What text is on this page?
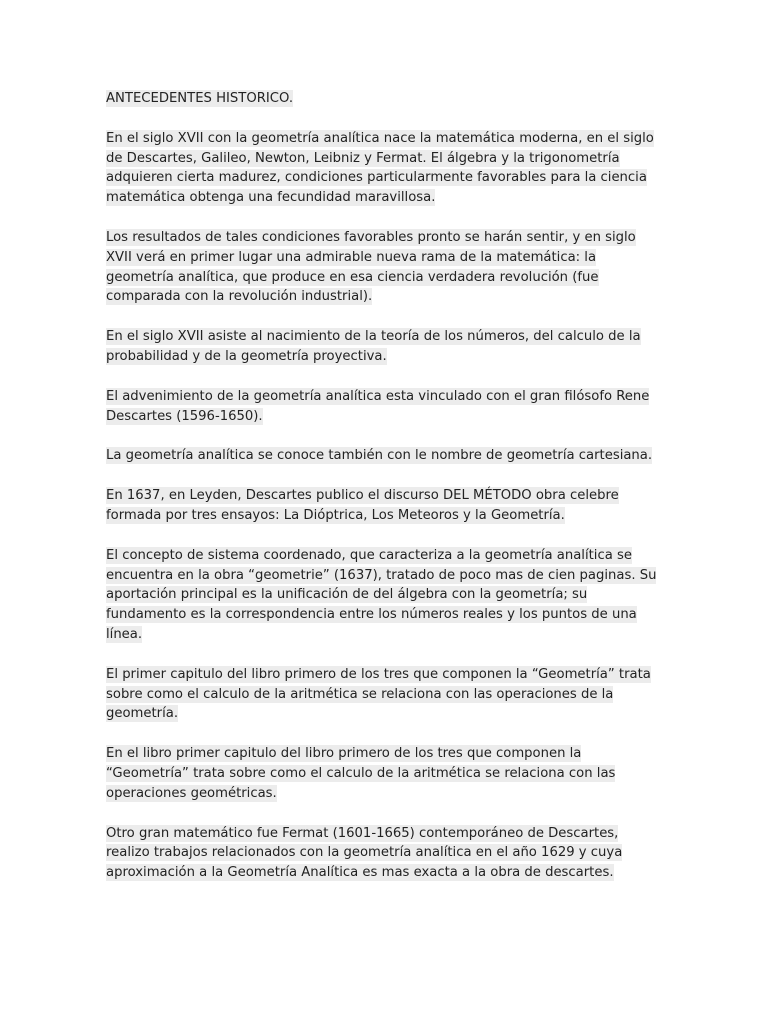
ANTECEDENTES HISTORICO.

En el siglo XVII con la geometría analítica nace la matemática moderna, en el siglo de Descartes, Galileo, Newton, Leibniz y Fermat. El álgebra y la trigonometría adquieren cierta madurez, condiciones particularmente favorables para la ciencia matemática obtenga una fecundidad maravillosa.

Los resultados de tales condiciones favorables pronto se harán sentir, y en siglo XVII verá en primer lugar una admirable nueva rama de la matemática: la geometría analítica, que produce en esa ciencia verdadera revolución (fue comparada con la revolución industrial).

En el siglo XVII asiste al nacimiento de la teoría de los números, del calculo de la probabilidad y de la geometría proyectiva.

El advenimiento de la geometría analítica esta vinculado con el gran filósofo Rene Descartes (1596-1650).

La geometría analítica se conoce también con le nombre de geometría cartesiana.

En 1637, en Leyden, Descartes publico el discurso DEL MÉTODO obra celebre formada por tres ensayos: La Dióptrica, Los Meteoros y la Geometría.

El concepto de sistema coordenado, que caracteriza a la geometría analítica se encuentra en la obra “geometrie” (1637), tratado de poco mas de cien paginas. Su aportación principal es la unificación de del álgebra con la geometría; su fundamento es la correspondencia entre los números reales y los puntos de una línea.

El primer capitulo del libro primero de los tres que componen la “Geometría” trata sobre como el calculo de la aritmética se relaciona con las operaciones de la geometría.

En el libro primer capitulo del libro primero de los tres que componen la “Geometría” trata sobre como el calculo de la aritmética se relaciona con las operaciones geométricas.

Otro gran matemático fue Fermat (1601-1665) contemporáneo de Descartes, realizo trabajos relacionados con la geometría analítica en el año 1629 y cuya aproximación a la Geometría Analítica es mas exacta a la obra de descartes.
